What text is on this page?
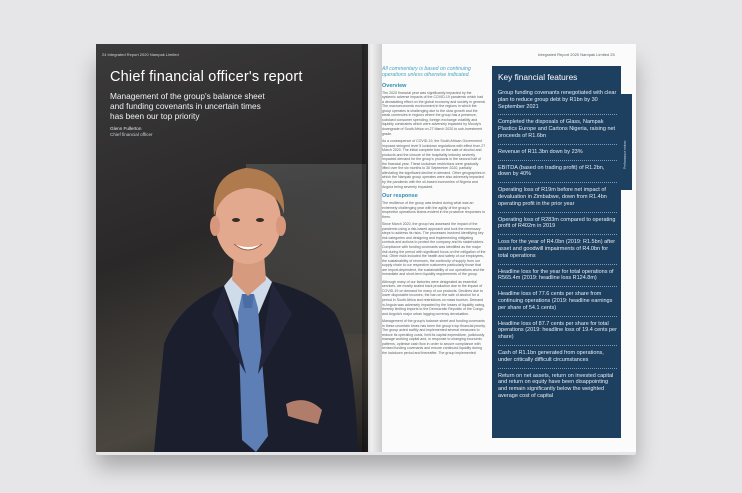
24 Integrated Report 2020 Nampak Limited
Chief financial officer's report
Management of the group's balance sheet and funding covenants in uncertain times has been our top priority
Glenn Fullerton
Chief financial officer
Integrated Report 2020 Nampak Limited 25

All commentary is based on continuing operations unless otherwise indicated.

Overview

The 2020 financial year was significantly impacted by the systemic adverse impacts of the COVID-19 pandemic which had a devastating effect on the global economy and society in general. The macroeconomic environment in the regions in which the group operates is challenging due to the slow growth and the weak currencies in regions where the group has a presence, subdued consumer spending, foreign exchange volatility and liquidity constraints which were adversely impacted by Moody's downgrade of South Africa on 27 March 2020 to sub-investment grade.

As a consequence of COVID-19, the South African Government imposed stringent level 5 lockdown regulations with effect from 27 March 2020. The initial complete ban on the sale of alcohol and products and the closure of the hospitality industry severely impacted demand for the group's products in the second half of the financial year. These lockdown restrictions were gradually lifted over the six months to 30 September 2020, partially alleviating the significant decline in demand. Other geographies in which the Nampak group operates were also adversely impacted by the pandemic with the oil-based economies of Nigeria and Angola being severely impacted.

Our response

The resilience of the group was tested during what was an extremely challenging year with the agility of the group's respective operations teams evident in the proactive responses to them.

Since March 2020, the group has assessed the impact of the pandemic using a risk-based approach and took the necessary steps to address its risks. The processes involved identifying key risk categories and designing and implementing mitigating controls and actions to protect the company and its stakeholders. Compliance with funding covenants was identified as the major risk during the period with significant focus on the mitigation of the risk. Other risks included the health and safety of our employees, the sustainability of revenues, the continuity of supply from our supply chain to our respective customers particularly those that are import-dependent, the sustainability of our operations and the immediate and short-term liquidity requirements of the group.

Although many of our factories were designated as essential services, we mostly scaled back production due to the impact of COVID-19 on demand for many of our products. Declines due to lower disposable incomes, the ban on the sale of alcohol for a period in South Africa and restrictions on mass tourism. Demand in Angola was adversely impacted by the losses of liquidity owing, thereby limiting imports to the Democratic Republic of the Congo and Angola's major urban lagging currency devaluation.

Management of the group's balance sheet and funding covenants in these uncertain times has been the group's top financial priority. The group acted swiftly and implemented several measures to reduce its operating costs, limit its capital expenditure, judiciously manage working capital and, in response to changing economic patterns, optimise cash flow in order to secure compliance with revised funding covenants and ensure continued liquidity during the lockdown period and thereafter. The group implemented

Key financial features
Group funding covenants renegotiated with clear plan to reduce group debt by R1bn by 30 September 2021
Completed the disposals of Glass, Nampak Plastics Europe and Cartons Nigeria, raising net proceeds of R1.6bn
Revenue of R11.3bn down by 23%
EBITDA (based on trading profit) of R1.2bn, down by 40%
Operating loss of R19m before net impact of devaluation in Zimbabwe, down from R1.4bn operating profit in the prior year
Operating loss of R283m compared to operating profit of R402m in 2019
Loss for the year of R4.0bn (2019: R1.5bn) after asset and goodwill impairments of R4.0bn for total operations
Headline loss for the year for total operations of R565.4m (2019: headline loss R124.8m)
Headline loss of 77.6 cents per share from continuing operations (2019: headline earnings per share of 54.1 cents)
Headline loss of 87.7 cents per share for total operations (2019: headline loss of 19.4 cents per share)
Cash of R1.1bn generated from operations, under critically difficult circumstances
Return on net assets, return on invested capital and return on equity have been disappointing and remain significantly below the weighted average cost of capital
Performance review
